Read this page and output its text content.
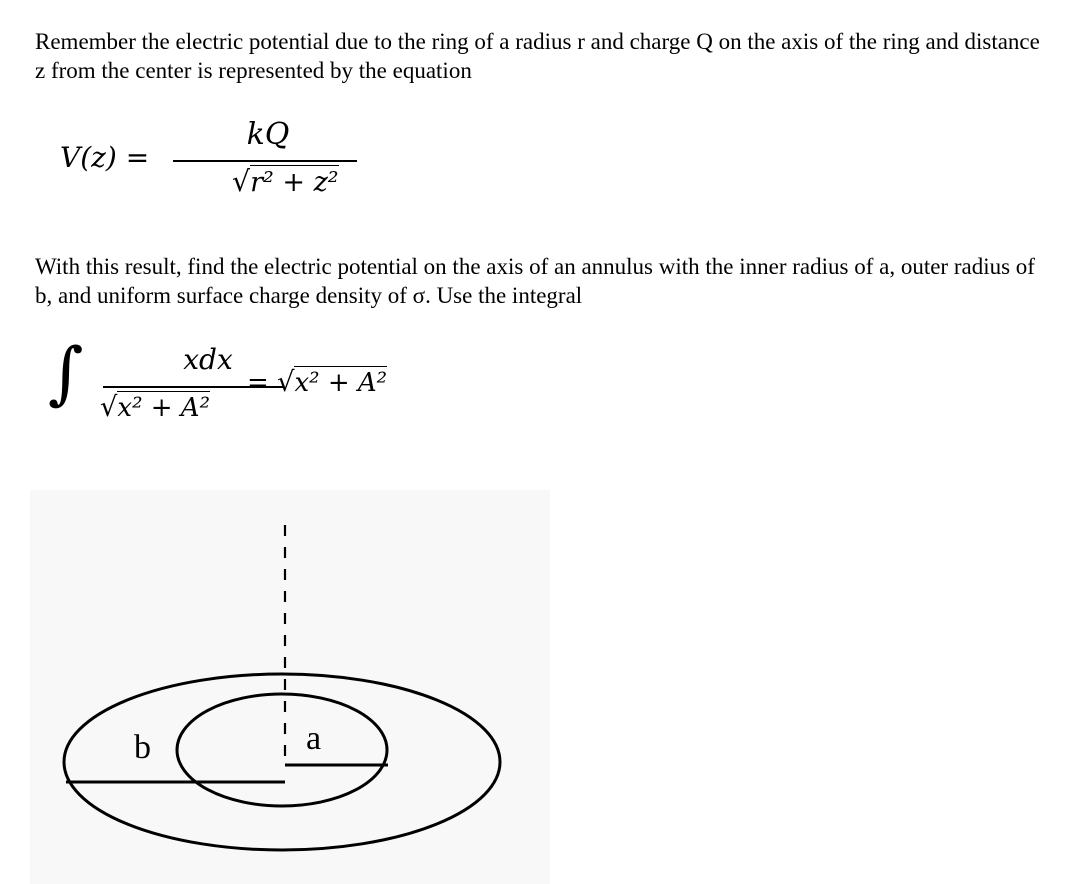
Remember the electric potential due to the ring of a radius r and charge Q on the axis of the ring and distance z from the center is represented by the equation

V(z) =
kQ
√r² + z²

With this result, find the electric potential on the axis of an annulus with the inner radius of a, outer radius of b, and uniform surface charge density of σ. Use the integral

∫	xdx
√x² + A²
= √x² + A²
b	a
